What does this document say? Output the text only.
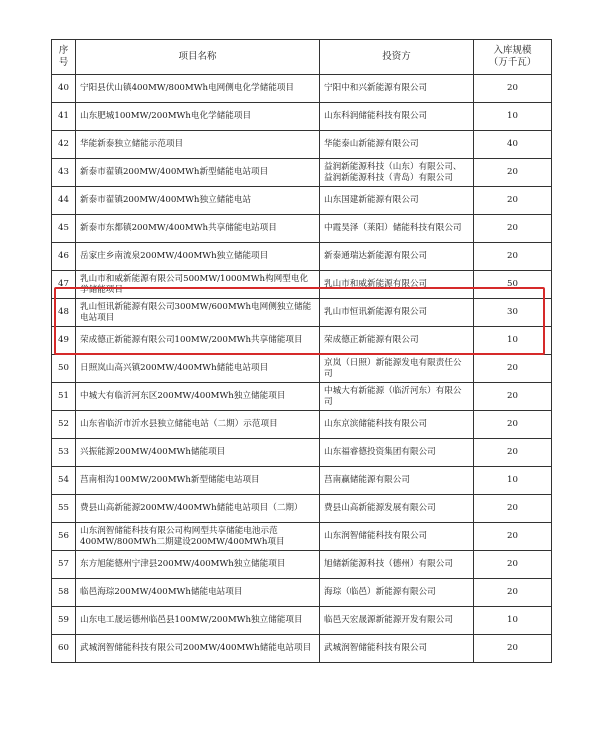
序号	项目名称	投资方	入库规模
（万千瓦）
40	宁阳县伏山镇400MW/800MWh电网侧电化学储能项目	宁阳中和兴新能源有限公司	20
41	山东肥城100MW/200MWh电化学储能项目	山东科润储能科技有限公司	10
42	华能新泰独立储能示范项目	华能泰山新能源有限公司	40
43	新泰市翟镇200MW/400MWh新型储能电站项目	益润新能源科技（山东）有限公司、益润新能源科技（青岛）有限公司	20
44	新泰市翟镇200MW/400MWh独立储能电站	山东国建新能源有限公司	20
45	新泰市东都镇200MW/400MWh共享储能电站项目	中霞昊泽（莱阳）储能科技有限公司	20
46	岳家庄乡南流泉200MW/400MWh独立储能项目	新泰通瑞达新能源有限公司	20
47	乳山市和威新能源有限公司500MW/1000MWh构网型电化学储能项目	乳山市和威新能源有限公司	50
48	乳山恒讯新能源有限公司300MW/600MWh电网侧独立储能电站项目	乳山市恒讯新能源有限公司	30
49	荣成德正新能源有限公司100MW/200MWh共享储能项目	荣成德正新能源有限公司	10
50	日照岚山高兴镇200MW/400MWh储能电站项目	京岚（日照）新能源发电有限责任公司	20
51	中城大有临沂河东区200MW/400MWh独立储能项目	中城大有新能源（临沂河东）有限公司	20
52	山东省临沂市沂水县独立储能电站（二期）示范项目	山东京滨储能科技有限公司	20
53	兴振能源200MW/400MWh储能项目	山东福睿德投资集团有限公司	20
54	莒南相沟100MW/200MWh新型储能电站项目	莒南赢储能源有限公司	10
55	费县山高新能源200MW/400MWh储能电站项目（二期）	费县山高新能源发展有限公司	20
56	山东润智储能科技有限公司构网型共享储能电池示范400MW/800MWh二期建设200MW/400MWh项目	山东润智储能科技有限公司	20
57	东方旭能德州宁津县200MW/400MWh独立储能项目	旭储新能源科技（德州）有限公司	20
58	临邑海琮200MW/400MWh储能电站项目	海琮（临邑）新能源有限公司	20
59	山东电工晟运德州临邑县100MW/200MWh独立储能项目	临邑天宏晟源新能源开发有限公司	10
60	武城润智储能科技有限公司200MW/400MWh储能电站项目	武城润智储能科技有限公司	20
